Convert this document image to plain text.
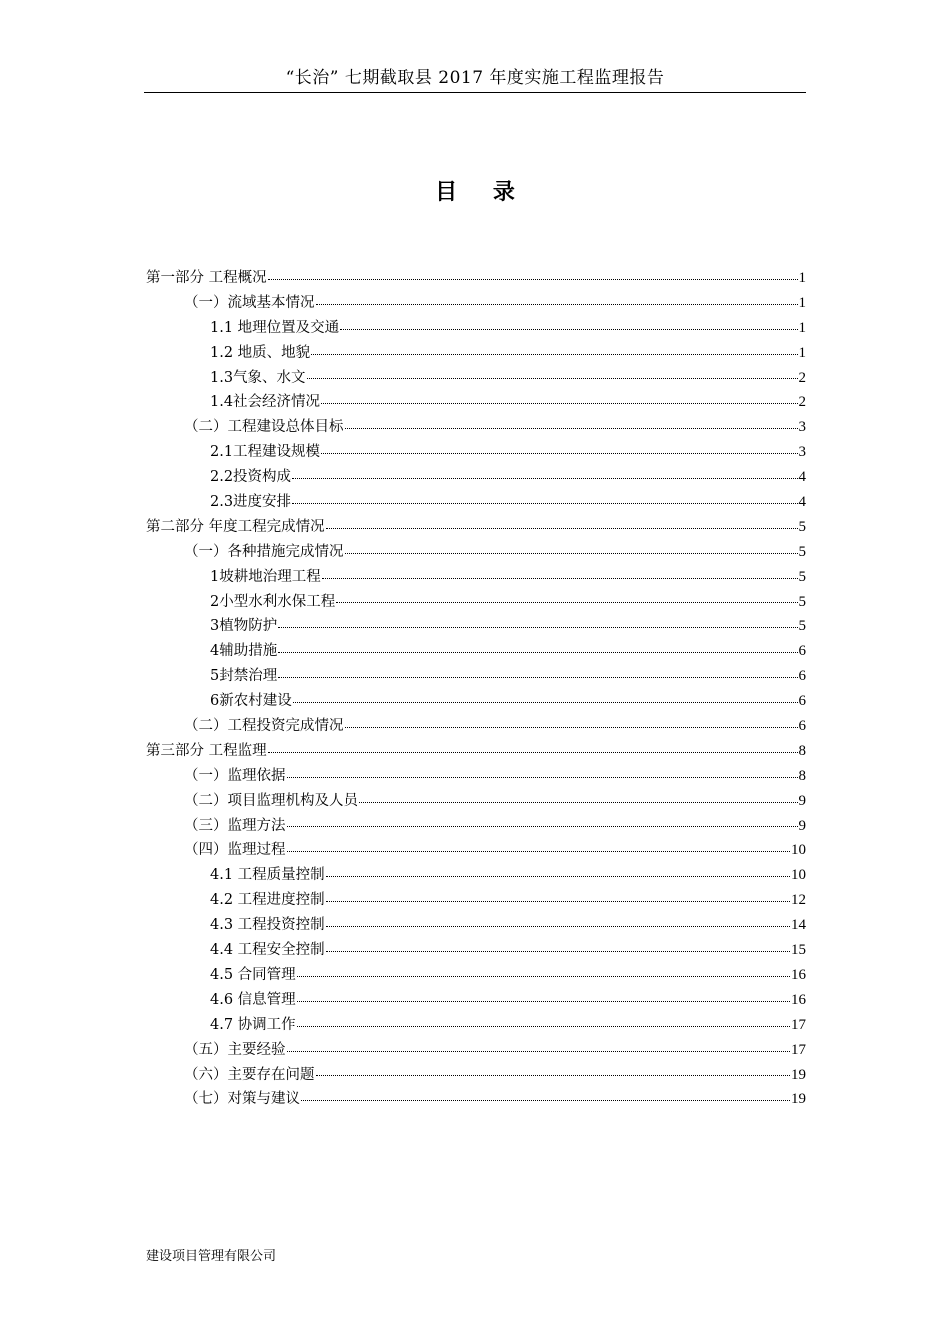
“长治” 七期截取县 2017 年度实施工程监理报告
目 录
第一部分 工程概况	1
（一）流域基本情况	1
1.1 地理位置及交通	1
1.2 地质、地貌	1
1.3气象、水文	2
1.4社会经济情况	2
（二）工程建设总体目标	3
2.1工程建设规模	3
2.2投资构成	4
2.3进度安排	4
第二部分 年度工程完成情况	5
（一）各种措施完成情况	5
1坡耕地治理工程	5
2小型水利水保工程	5
3植物防护	5
4辅助措施	6
5封禁治理	6
6新农村建设	6
（二）工程投资完成情况	6
第三部分 工程监理	8
（一）监理依据	8
（二）项目监理机构及人员	9
（三）监理方法	9
（四）监理过程	10
4.1 工程质量控制	10
4.2 工程进度控制	12
4.3 工程投资控制	14
4.4 工程安全控制	15
4.5 合同管理	16
4.6 信息管理	16
4.7 协调工作	17
（五）主要经验	17
（六）主要存在问题	19
（七）对策与建议	19
建设项目管理有限公司
